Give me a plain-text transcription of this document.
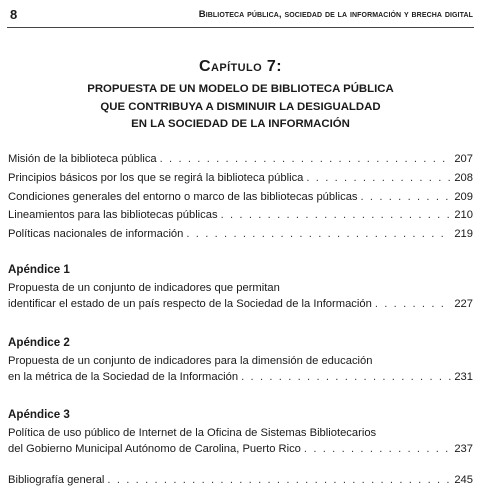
8	Biblioteca pública, sociedad de la información y brecha digital
Capítulo 7:
PROPUESTA DE UN MODELO DE BIBLIOTECA PÚBLICA
QUE CONTRIBUYA A DISMINUIR LA DESIGUALDAD
EN LA SOCIEDAD DE LA INFORMACIÓN
Misión de la biblioteca pública . . .	207
Principios básicos por los que se regirá la biblioteca pública . . .	208
Condiciones generales del entorno o marco de las bibliotecas públicas . . .	209
Lineamientos para las bibliotecas públicas . . .	210
Políticas nacionales de información . . .	219
Apéndice 1
Propuesta de un conjunto de indicadores que permitan
identificar el estado de un país respecto de la Sociedad de la Información . . .	227
Apéndice 2
Propuesta de un conjunto de indicadores para la dimensión de educación
en la métrica de la Sociedad de la Información . . .	231
Apéndice 3
Política de uso público de Internet de la Oficina de Sistemas Bibliotecarios
del Gobierno Municipal Autónomo de Carolina, Puerto Rico . . .	237
Bibliografía general . . .	245
